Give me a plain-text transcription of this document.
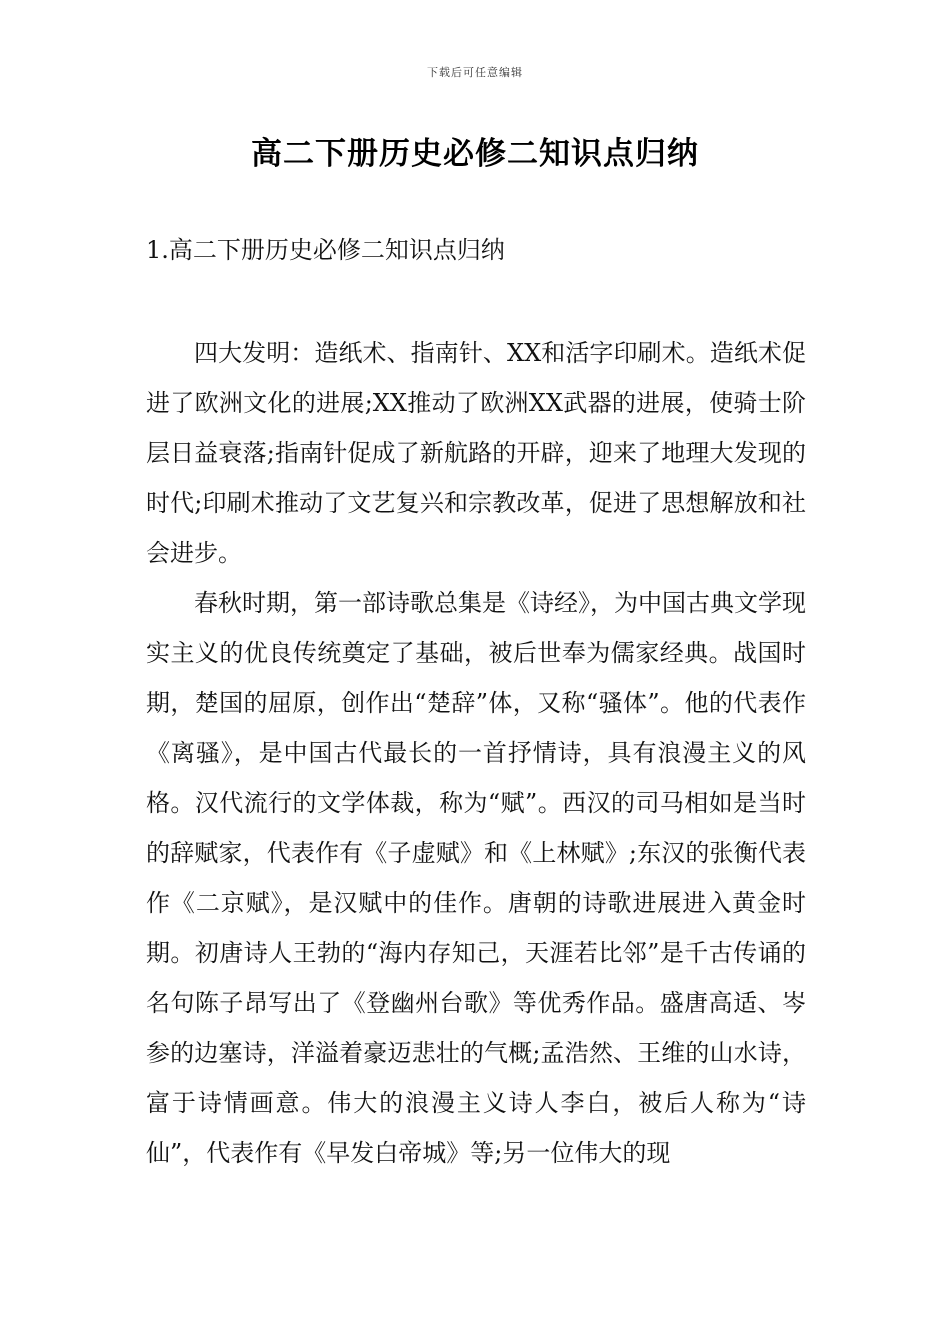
下载后可任意编辑
高二下册历史必修二知识点归纳
1.高二下册历史必修二知识点归纳

四大发明：造纸术、指南针、XX和活字印刷术。造纸术促进了欧洲文化的进展;XX推动了欧洲XX武器的进展，使骑士阶层日益衰落;指南针促成了新航路的开辟，迎来了地理大发现的时代;印刷术推动了文艺复兴和宗教改革，促进了思想解放和社会进步。

春秋时期，第一部诗歌总集是《诗经》，为中国古典文学现实主义的优良传统奠定了基础，被后世奉为儒家经典。战国时期，楚国的屈原，创作出“楚辞”体，又称“骚体”。他的代表作《离骚》，是中国古代最长的一首抒情诗，具有浪漫主义的风格。汉代流行的文学体裁，称为“赋”。西汉的司马相如是当时的辞赋家，代表作有《子虚赋》和《上林赋》;东汉的张衡代表作《二京赋》，是汉赋中的佳作。唐朝的诗歌进展进入黄金时期。初唐诗人王勃的“海内存知己，天涯若比邻”是千古传诵的名句陈子昂写出了《登幽州台歌》等优秀作品。盛唐高适、岑参的边塞诗，洋溢着豪迈悲壮的气概;孟浩然、王维的山水诗，富于诗情画意。伟大的浪漫主义诗人李白，被后人称为“诗仙”，代表作有《早发白帝城》等;另一位伟大的现
